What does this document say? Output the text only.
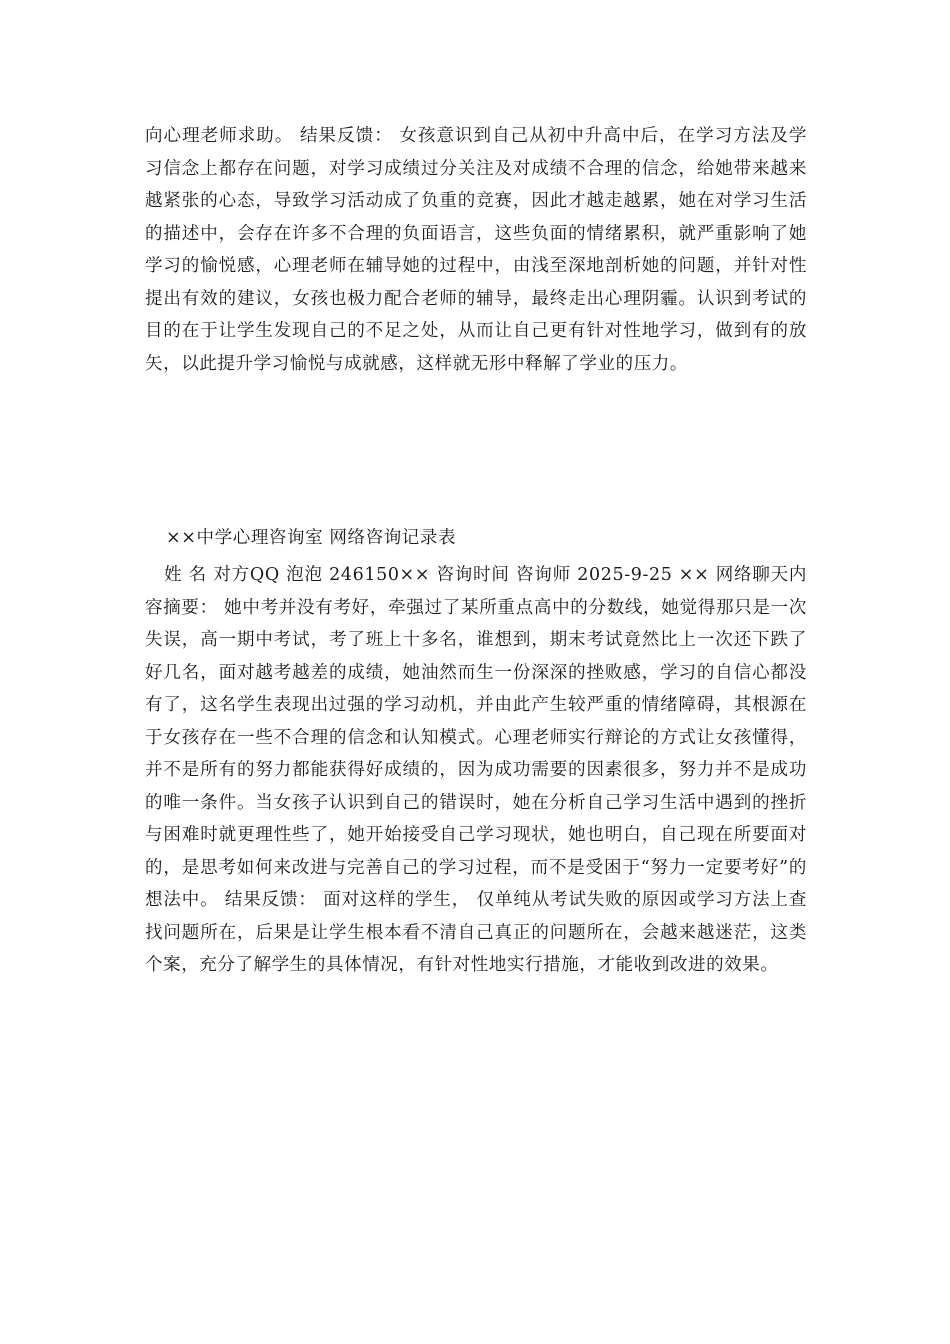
向心理老师求助。 结果反馈： 女孩意识到自己从初中升高中后，在学习方法及学习信念上都存在问题，对学习成绩过分关注及对成绩不合理的信念，给她带来越来越紧张的心态，导致学习活动成了负重的竞赛，因此才越走越累，她在对学习生活的描述中，会存在许多不合理的负面语言，这些负面的情绪累积，就严重影响了她学习的愉悦感，心理老师在辅导她的过程中，由浅至深地剖析她的问题，并针对性提出有效的建议，女孩也极力配合老师的辅导，最终走出心理阴霾。认识到考试的目的在于让学生发现自己的不足之处，从而让自己更有针对性地学习，做到有的放矢，以此提升学习愉悦与成就感，这样就无形中释解了学业的压力。

××中学心理咨询室 网络咨询记录表

姓 名 对方QQ 泡泡 246150×× 咨询时间 咨询师 2025-9-25 ×× 网络聊天内容摘要： 她中考并没有考好，牵强过了某所重点高中的分数线，她觉得那只是一次失误，高一期中考试，考了班上十多名，谁想到，期末考试竟然比上一次还下跌了好几名，面对越考越差的成绩，她油然而生一份深深的挫败感，学习的自信心都没有了，这名学生表现出过强的学习动机，并由此产生较严重的情绪障碍，其根源在于女孩存在一些不合理的信念和认知模式。心理老师实行辩论的方式让女孩懂得，并不是所有的努力都能获得好成绩的，因为成功需要的因素很多，努力并不是成功的唯一条件。当女孩子认识到自己的错误时，她在分析自己学习生活中遇到的挫折与困难时就更理性些了，她开始接受自己学习现状，她也明白，自己现在所要面对的，是思考如何来改进与完善自己的学习过程，而不是受困于“努力一定要考好”的想法中。 结果反馈： 面对这样的学生， 仅单纯从考试失败的原因或学习方法上查找问题所在，后果是让学生根本看不清自己真正的问题所在，会越来越迷茫，这类个案，充分了解学生的具体情况，有针对性地实行措施，才能收到改进的效果。
